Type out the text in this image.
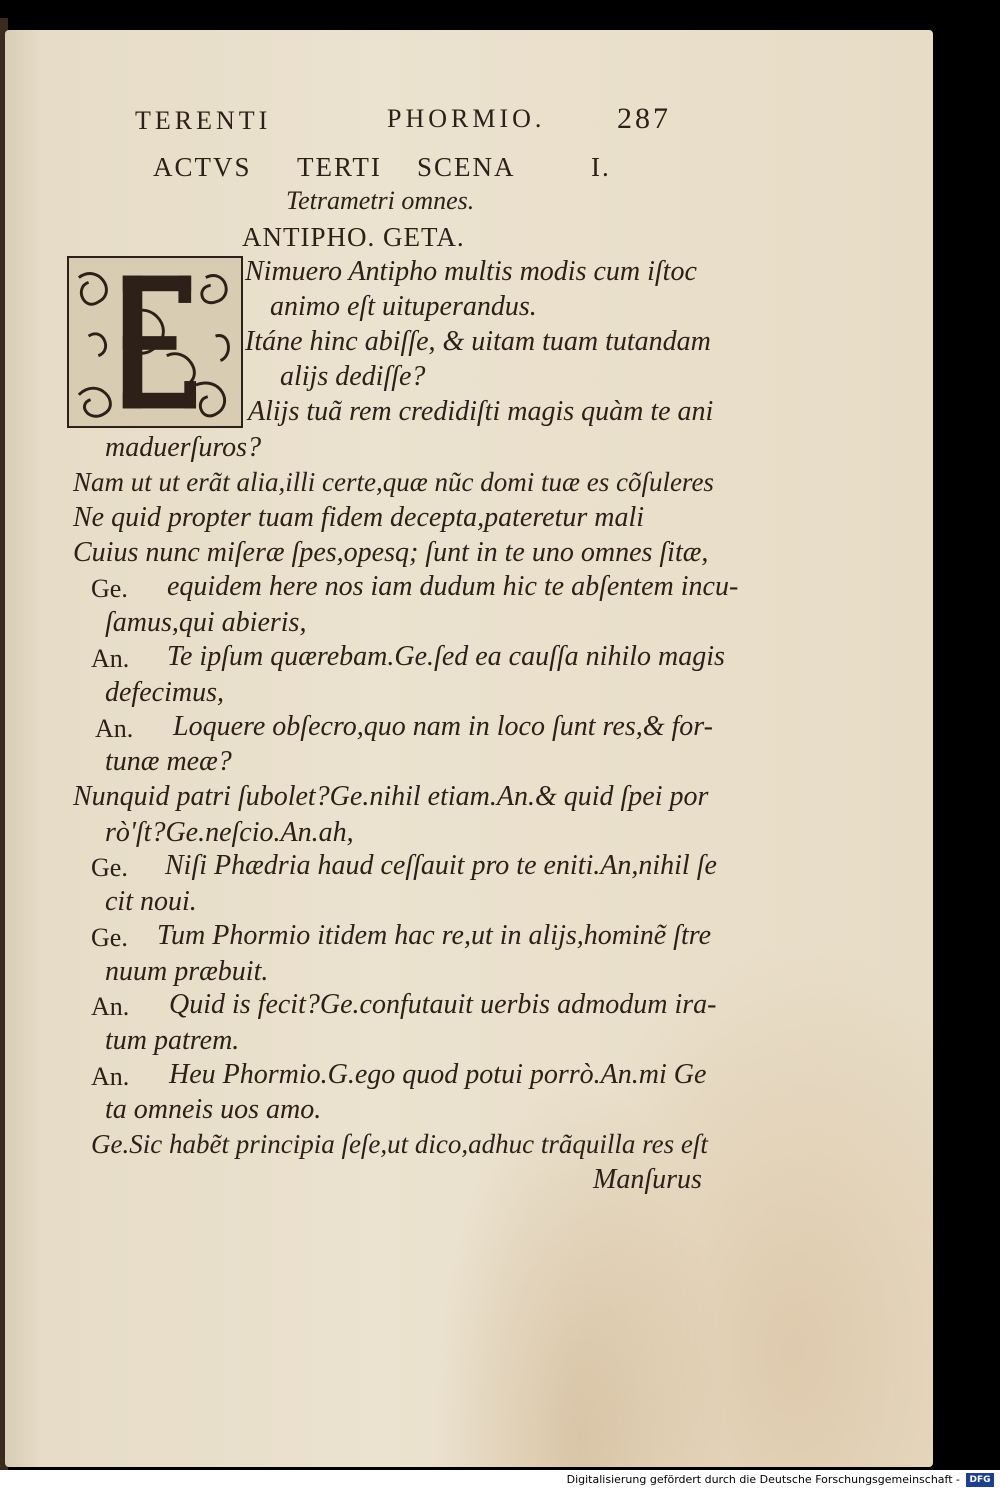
TERENTI	PHORMIO. 287
ACTVS TERTI SCENA	I.
Tetrametri omnes.
ANTIPHO. GETA.
Nimuero Antipho multis modis cum iſtoc
animo eſt uituperandus.
Itáne hinc abiſſe, & uitam tuam tutandam
alijs dediſſe?
Alijs tuã rem credidiſti magis quàm te ani
maduerſuros?
Nam ut ut erãt alia,illi certe,quæ nũc domi tuæ es cõſuleres
Ne quid propter tuam fidem decepta,pateretur mali
Cuius nunc miſeræ ſpes,opesq; ſunt in te uno omnes ſitæ,
Ge. equidem here nos iam dudum hic te abſentem incu-
ſamus,qui abieris,
An. Te ipſum quærebam.Ge.ſed ea cauſſa nihilo magis
defecimus,
An. Loquere obſecro,quo nam in loco ſunt res,& for-
tunæ meæ?
Nunquid patri ſubolet?Ge.nihil etiam.An.& quid ſpei por
rò'ſt?Ge.neſcio.An.ah,
Ge. Niſi Phædria haud ceſſauit pro te eniti.An,nihil ſe
cit noui.
Ge. Tum Phormio itidem hac re,ut in alijs,hominẽ ſtre
nuum præbuit.
An. Quid is fecit?Ge.confutauit uerbis admodum ira-
tum patrem.
An. Heu Phormio.G.ego quod potui porrò.An.mi Ge
ta omneis uos amo.
Ge.Sic habẽt principia ſeſe,ut dico,adhuc trãquilla res eſt
Manſurus
Digitalisierung gefördert durch die Deutsche Forschungsgemeinschaft -	DFG
